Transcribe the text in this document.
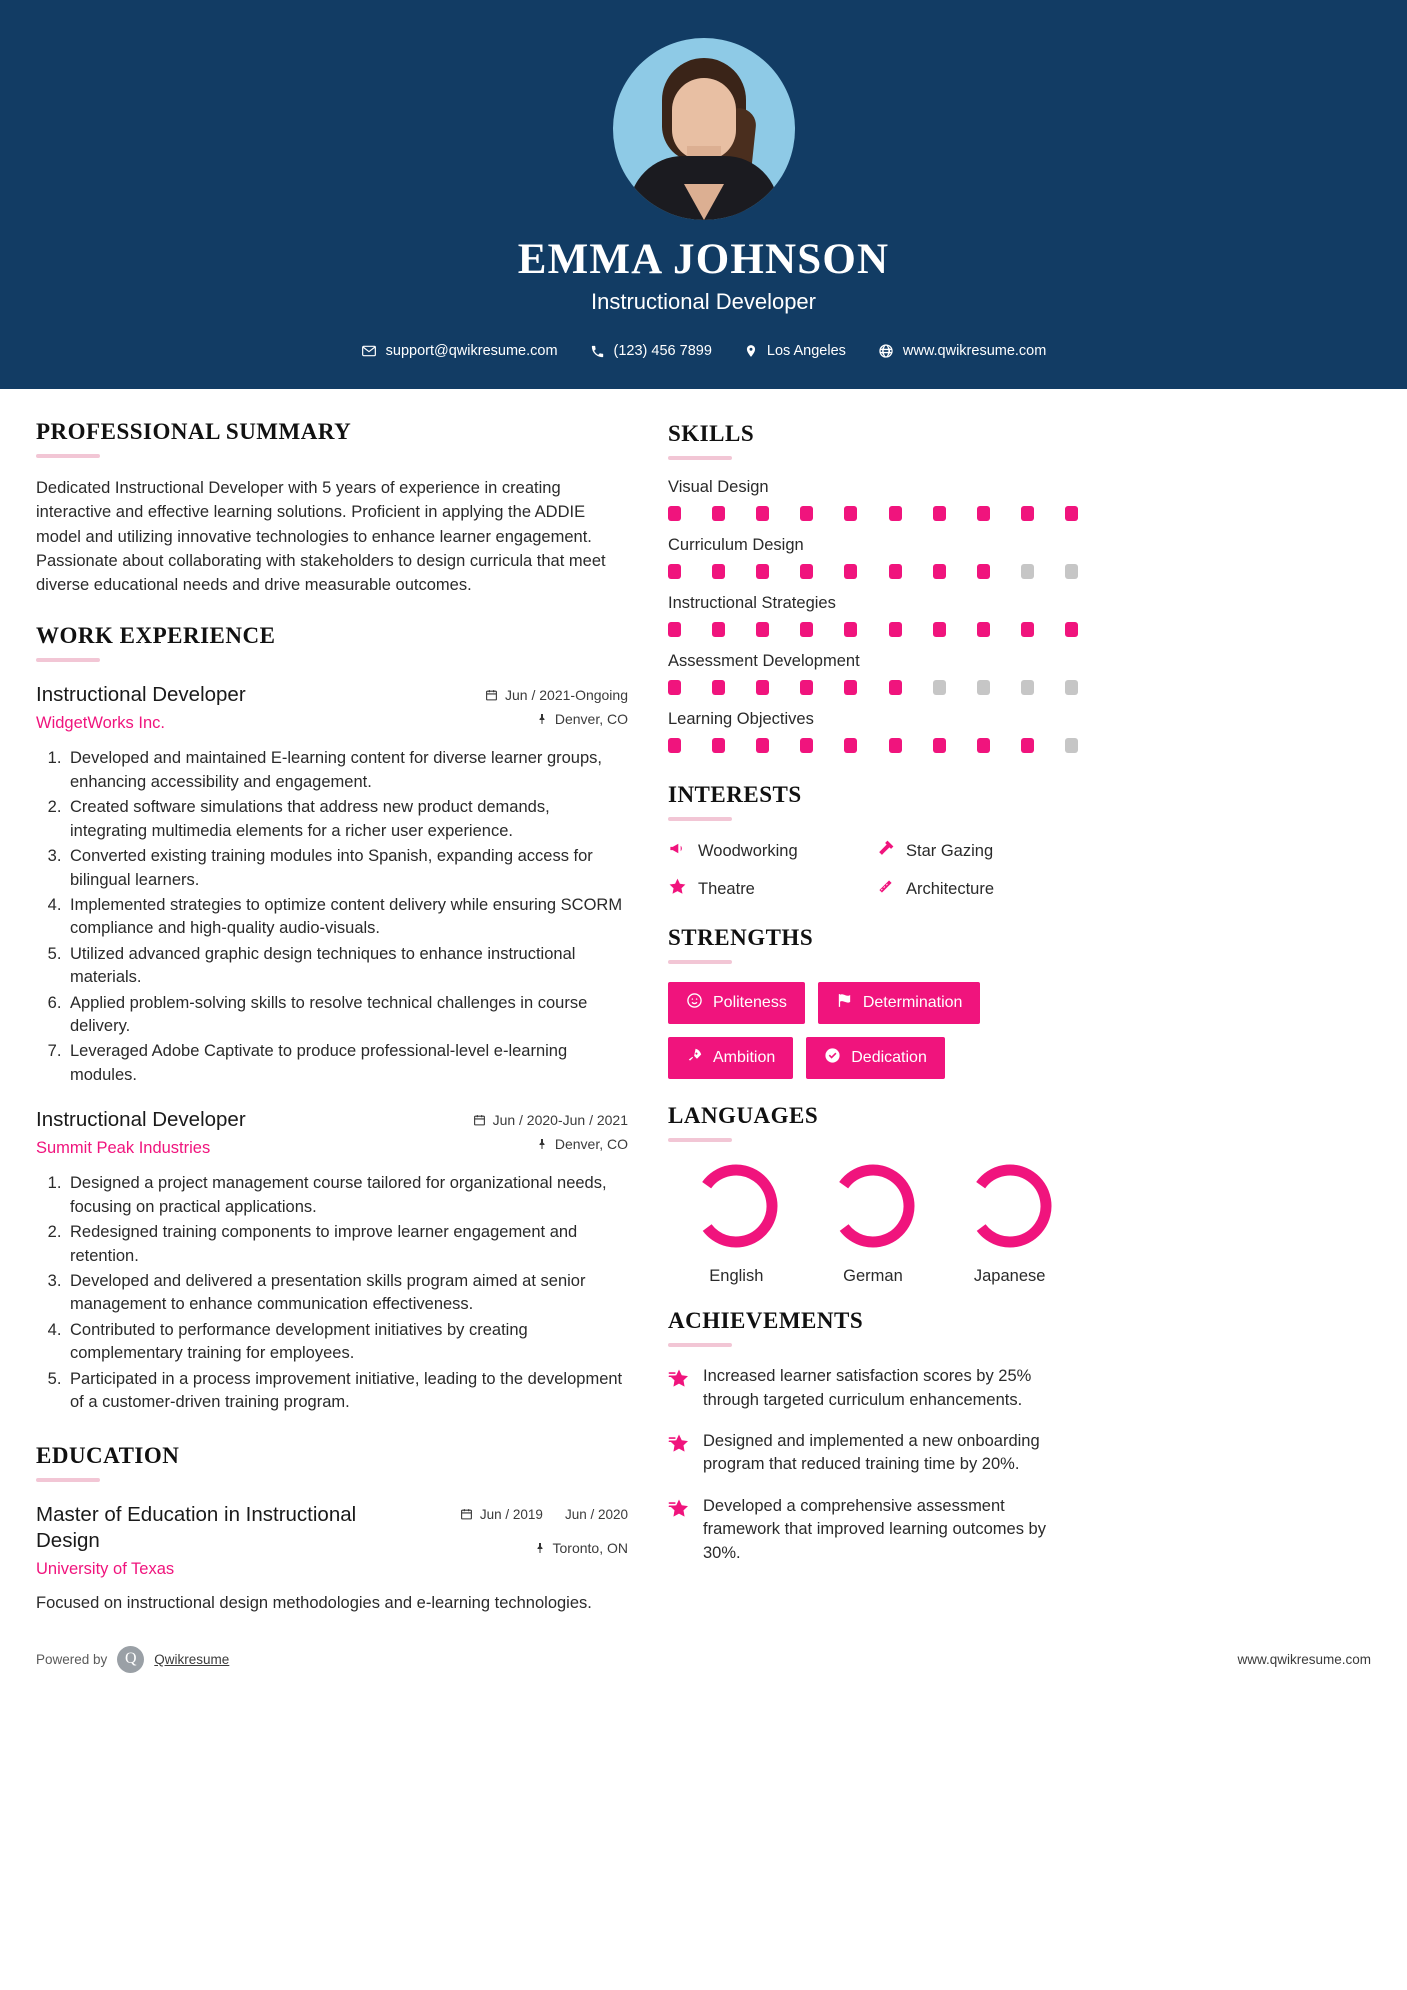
EMMA JOHNSON
Instructional Developer
support@qwikresume.com	(123) 456 7899	Los Angeles	www.qwikresume.com
PROFESSIONAL SUMMARY
Dedicated Instructional Developer with 5 years of experience in creating interactive and effective learning solutions. Proficient in applying the ADDIE model and utilizing innovative technologies to enhance learner engagement. Passionate about collaborating with stakeholders to design curricula that meet diverse educational needs and drive measurable outcomes.
WORK EXPERIENCE
Instructional Developer
WidgetWorks Inc.
Jun / 2021-Ongoing
Denver, CO
1. Developed and maintained E-learning content for diverse learner groups, enhancing accessibility and engagement.
2. Created software simulations that address new product demands, integrating multimedia elements for a richer user experience.
3. Converted existing training modules into Spanish, expanding access for bilingual learners.
4. Implemented strategies to optimize content delivery while ensuring SCORM compliance and high-quality audio-visuals.
5. Utilized advanced graphic design techniques to enhance instructional materials.
6. Applied problem-solving skills to resolve technical challenges in course delivery.
7. Leveraged Adobe Captivate to produce professional-level e-learning modules.
Instructional Developer
Summit Peak Industries
Jun / 2020-Jun / 2021
Denver, CO
1. Designed a project management course tailored for organizational needs, focusing on practical applications.
2. Redesigned training components to improve learner engagement and retention.
3. Developed and delivered a presentation skills program aimed at senior management to enhance communication effectiveness.
4. Contributed to performance development initiatives by creating complementary training for employees.
5. Participated in a process improvement initiative, leading to the development of a customer-driven training program.
EDUCATION
Master of Education in Instructional Design
University of Texas
Jun / 2019 Jun / 2020
Toronto, ON
Focused on instructional design methodologies and e-learning technologies.
SKILLS
Visual Design
Curriculum Design
Instructional Strategies
Assessment Development
Learning Objectives
INTERESTS
Woodworking	Star Gazing
Theatre	Architecture
STRENGTHS
Politeness	Determination
Ambition	Dedication
LANGUAGES
English	German	Japanese
ACHIEVEMENTS
Increased learner satisfaction scores by 25% through targeted curriculum enhancements.
Designed and implemented a new onboarding program that reduced training time by 20%.
Developed a comprehensive assessment framework that improved learning outcomes by 30%.
Powered by	Q	Qwikresume	www.qwikresume.com
